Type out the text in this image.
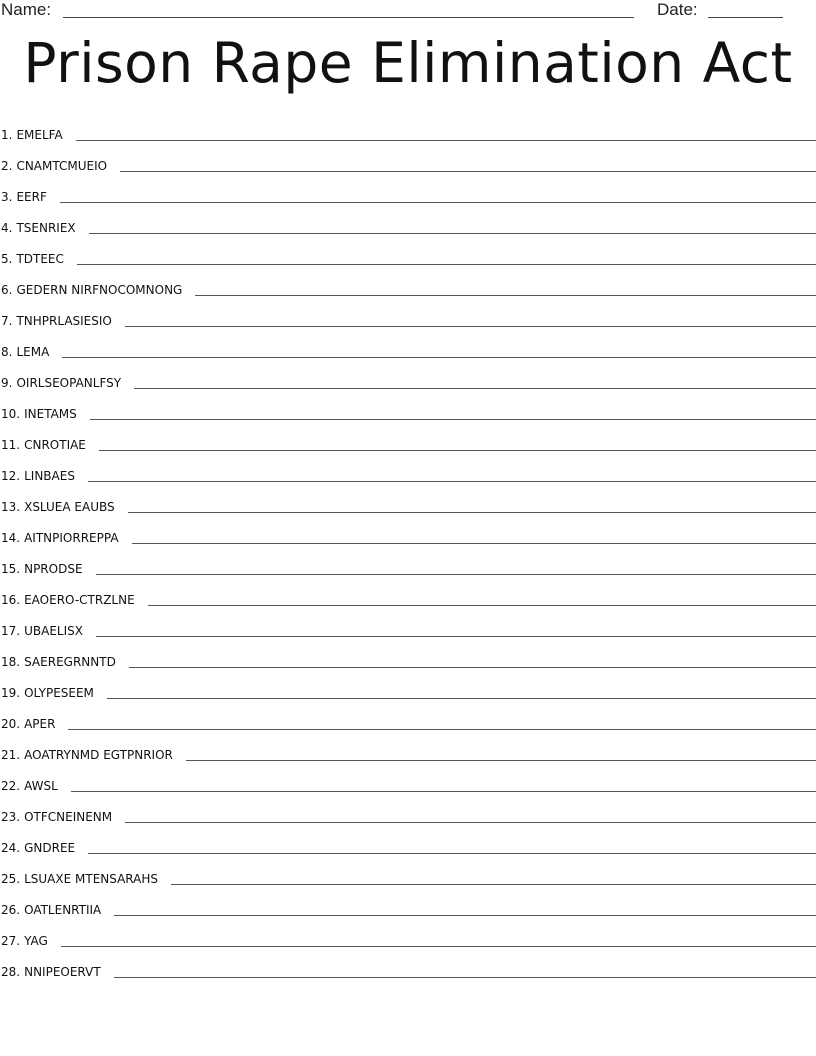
Name:	Date:
Prison Rape Elimination Act
1. EMELFA
2. CNAMTCMUEIO
3. EERF
4. TSENRIEX
5. TDTEEC
6. GEDERN NIRFNOCOMNONG
7. TNHPRLASIESIO
8. LEMA
9. OIRLSEOPANLFSY
10. INETAMS
11. CNROTIAE
12. LINBAES
13. XSLUEA EAUBS
14. AITNPIORREPPA
15. NPRODSE
16. EAOERO-CTRZLNE
17. UBAELISX
18. SAEREGRNNTD
19. OLYPESEEM
20. APER
21. AOATRYNMD EGTPNRIOR
22. AWSL
23. OTFCNEINENM
24. GNDREE
25. LSUAXE MTENSARAHS
26. OATLENRTIIA
27. YAG
28. NNIPEOERVT
